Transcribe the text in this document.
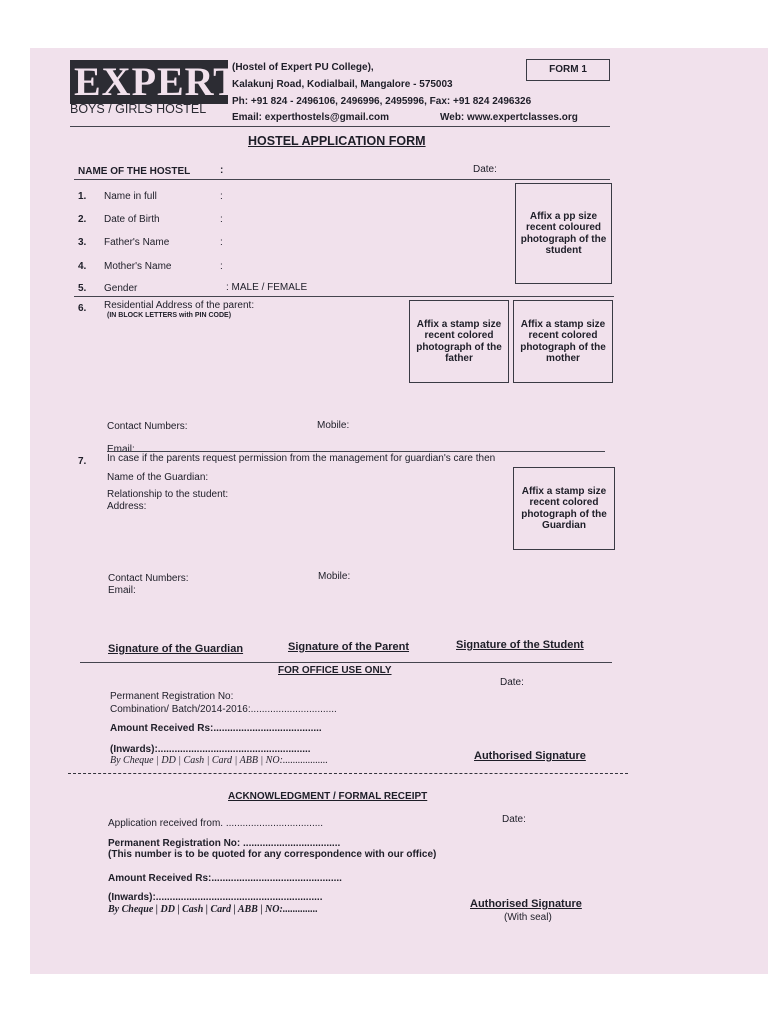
EXPERT
BOYS / GIRLS HOSTEL
(Hostel of Expert PU College),
Kalakunj Road, Kodialbail, Mangalore - 575003
Ph: +91 824 - 2496106, 2496996, 2495996, Fax: +91 824 2496326
Email: experthostels@gmail.com	Web: www.expertclasses.org
FORM 1
HOSTEL APPLICATION FORM
NAME OF THE HOSTEL	:	Date:
1. Name in full	:
2. Date of Birth	:
3. Father's Name	:
4. Mother's Name	:
5. Gender	: MALE / FEMALE
Affix a pp size recent coloured photograph of the student
6. Residential Address of the parent:
(IN BLOCK LETTERS with PIN CODE)
Affix a stamp size recent colored photograph of the father
Affix a stamp size recent colored photograph of the mother
Contact Numbers:	Mobile:
Email:
7. In case if the parents request permission from the management for guardian's care then
Name of the Guardian:
Relationship to the student:
Address:
Affix a stamp size recent colored photograph of the Guardian
Contact Numbers:	Mobile:
Email:
Signature of the Guardian	Signature of the Parent	Signature of the Student
FOR OFFICE USE ONLY
Date:
Permanent Registration No:
Combination/ Batch/2014-2016:...............................
Amount Received Rs:.......................................
(Inwards):.......................................................
By Cheque | DD | Cash | Card | ABB | NO:..................	Authorised Signature
ACKNOWLEDGMENT / FORMAL RECEIPT
Application received from. ...................................	Date:
Permanent Registration No: ...................................
(This number is to be quoted for any correspondence with our office)
Amount Received Rs:...............................................
(Inwards):............................................................
By Cheque | DD | Cash | Card | ABB | NO:..............	Authorised Signature
(With seal)
